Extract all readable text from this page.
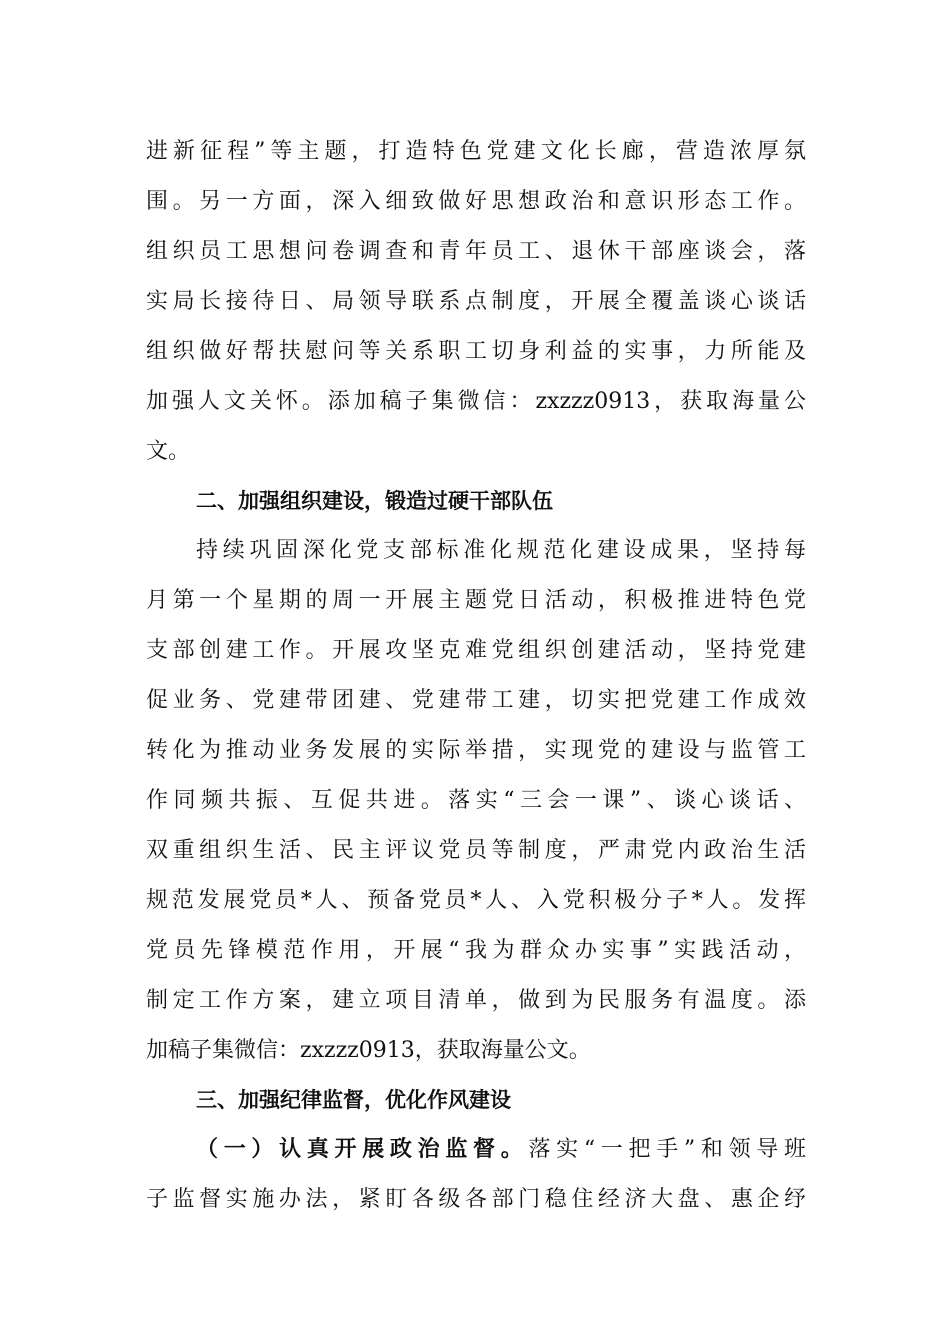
进新征程”等主题，打造特色党建文化长廊，营造浓厚氛
围。另一方面，深入细致做好思想政治和意识形态工作。
组织员工思想问卷调查和青年员工、退休干部座谈会，落
实局长接待日、局领导联系点制度，开展全覆盖谈心谈话
组织做好帮扶慰问等关系职工切身利益的实事，力所能及
加强人文关怀。添加稿子集微信：zxzzz0913，获取海量公
文。
二、加强组织建设，锻造过硬干部队伍
持续巩固深化党支部标准化规范化建设成果，坚持每
月第一个星期的周一开展主题党日活动，积极推进特色党
支部创建工作。开展攻坚克难党组织创建活动，坚持党建
促业务、党建带团建、党建带工建，切实把党建工作成效
转化为推动业务发展的实际举措，实现党的建设与监管工
作同频共振、互促共进。落实“三会一课”、谈心谈话、
双重组织生活、民主评议党员等制度，严肃党内政治生活
规范发展党员*人、预备党员*人、入党积极分子*人。发挥
党员先锋模范作用，开展“我为群众办实事”实践活动，
制定工作方案，建立项目清单，做到为民服务有温度。添
加稿子集微信：zxzzz0913，获取海量公文。
三、加强纪律监督，优化作风建设
（一）认真开展政治监督。落实“一把手”和领导班
子监督实施办法，紧盯各级各部门稳住经济大盘、惠企纾
